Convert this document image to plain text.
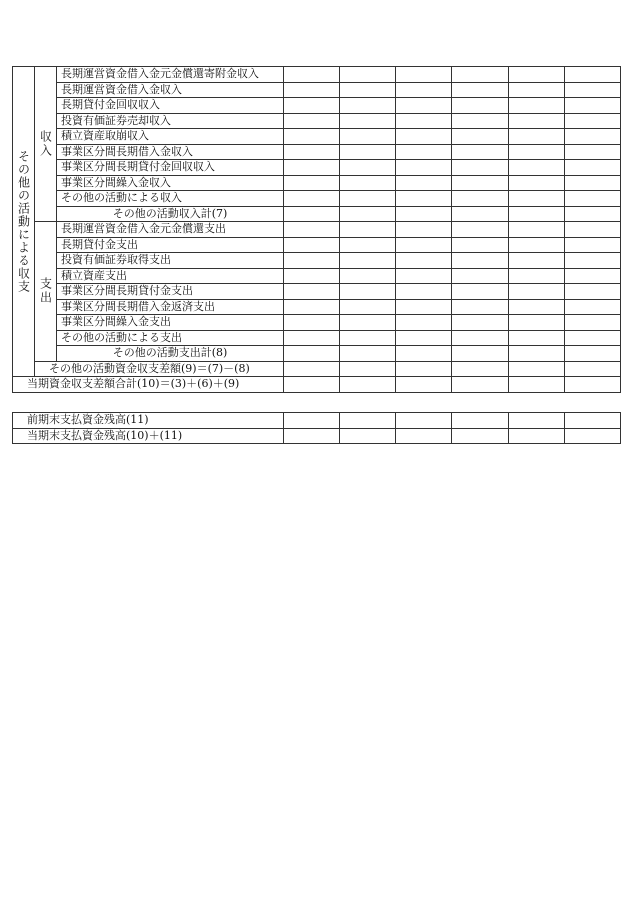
その他の活動による収支	収入	長期運営資金借入金元金償還寄附金収入						
		長期運営資金借入金収入						
		長期貸付金回収収入						
		投資有価証券売却収入						
		積立資産取崩収入						
		事業区分間長期借入金収入						
		事業区分間長期貸付金回収収入						
		事業区分間繰入金収入						
		その他の活動による収入						
		その他の活動収入計(7)						
	支出	長期運営資金借入金元金償還支出						
		長期貸付金支出						
		投資有価証券取得支出						
		積立資産支出						
		事業区分間長期貸付金支出						
		事業区分間長期借入金返済支出						
		事業区分間繰入金支出						
		その他の活動による支出						
		その他の活動支出計(8)						
	その他の活動資金収支差額(9)＝(7)－(8)							
当期資金収支差額合計(10)＝(3)＋(6)＋(9)								
前期末支払資金残高(11)						
当期末支払資金残高(10)＋(11)						
